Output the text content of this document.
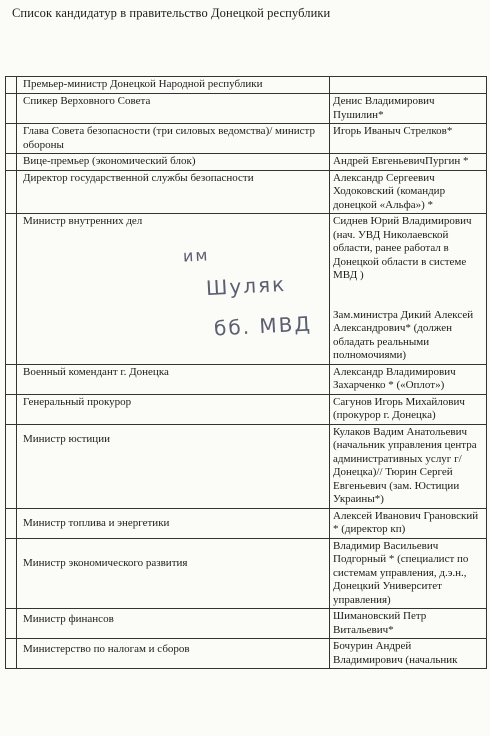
Список кандидатур в правительство Донецкой республики
	Премьер-министр Донецкой Народной республики	
	Спикер Верховного Совета	Денис Владимирович Пушилин*
	Глава Совета безопасности (три силовых ведомства)/ министр обороны	Игорь Иваныч Стрелков*
	Вице-премьер (экономический блок)	Андрей ЕвгеньевичПургин *
	Директор государственной службы безопасности	Александр Сергеевич Ходоковский (командир донецкой «Альфа») *
	Министр внутренних дел	Сиднев Юрий Владимирович (нач. УВД Николаевской области, ранее работал в Донецкой области в системе МВД )
Зам.министра Дикий Алексей Александрович* (должен обладать реальными полномочиями)

	Военный комендант г. Донецка	Александр Владимирович Захарченко * («Оплот»)
	Генеральный прокурор	Сагунов Игорь Михайлович (прокурор г. Донецка)
	Министр юстиции	Кулаков Вадим Анатольевич (начальник управления центра административных услуг г/Донецка)// Тюрин Сергей Евгеньевич (зам. Юстиции Украины*)
	Министр топлива и энергетики	Алексей Иванович Грановский * (директор кп)
	Министр экономического развития	Владимир Васильевич Подгорный * (специалист по системам управления, д.э.н., Донецкий Университет управления)
	Министр финансов	Шимановский Петр Витальевич*
	Министерство по налогам и сборов	Бочурин Андрей Владимирович (начальник
им
Шуляк
бб. МВД
